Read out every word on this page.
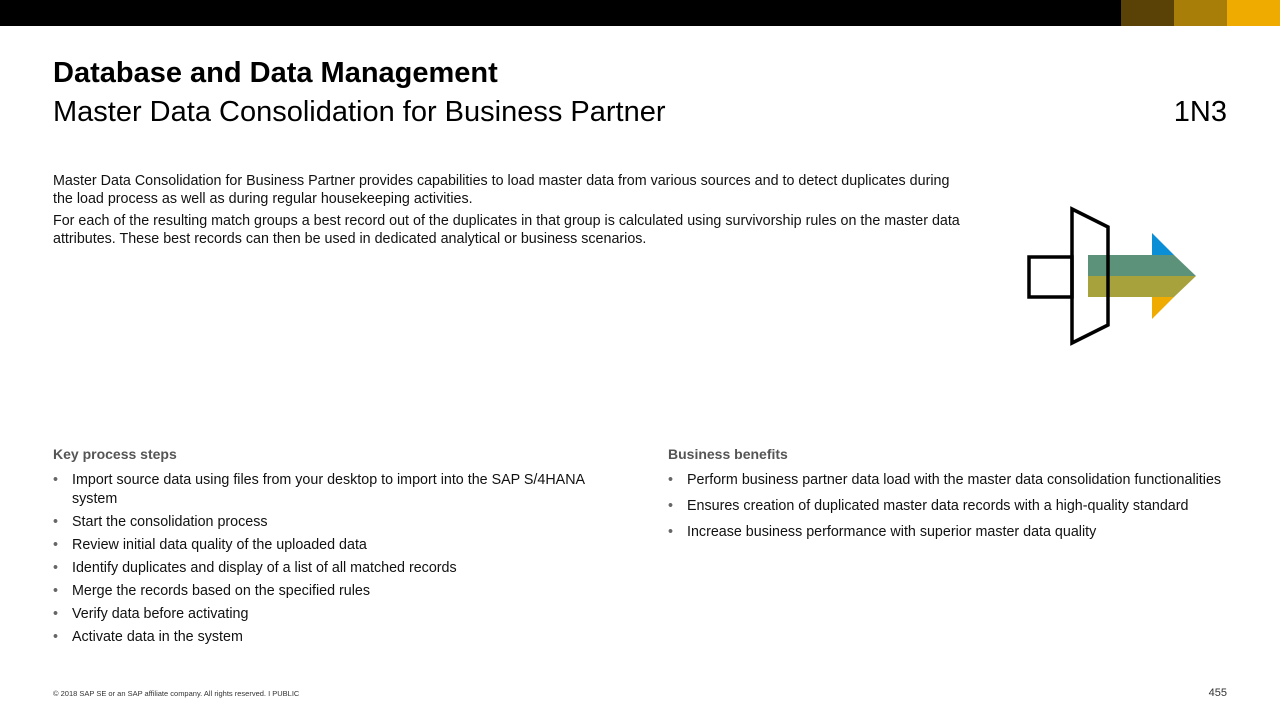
Database and Data Management
Master Data Consolidation for Business Partner	1N3

Master Data Consolidation for Business Partner provides capabilities to load master data from various sources and to detect duplicates during the load process as well as during regular housekeeping activities.

For each of the resulting match groups a best record out of the duplicates in that group is calculated using survivorship rules on the master data attributes. These best records can then be used in dedicated analytical or business scenarios.

Key process steps	Business benefits
• Import source data using files from your desktop to import into the SAP S/4HANA system
• Start the consolidation process
• Review initial data quality of the uploaded data
• Identify duplicates and display of a list of all matched records
• Merge the records based on the specified rules
• Verify data before activating
• Activate data in the system
• Perform business partner data load with the master data consolidation functionalities
• Ensures creation of duplicated master data records with a high-quality standard
• Increase business performance with superior master data quality
© 2018 SAP SE or an SAP affiliate company. All rights reserved. I PUBLIC	455
